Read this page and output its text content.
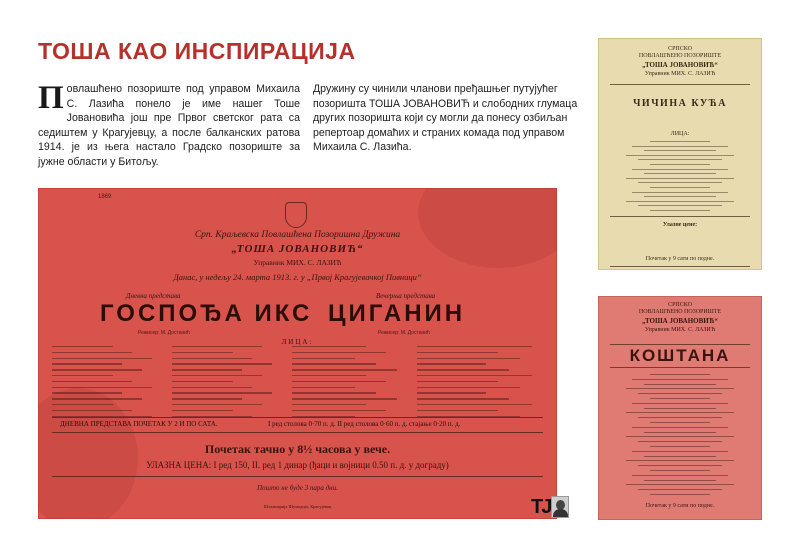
ТОША КАО ИНСПИРАЦИЈА
Повлашћено позориште под управом Михаила С. Лазића понело је име нашег Тоше Јовановића још пре Првог светског рата са седиштем у Крагујевцу, а после балканских ратова 1914. је из њега настало Градско позориште за јужне области у Битољу.
Дружину су чинили чланови пређашњег путујућег позоришта ТОША ЈОВАНОВИЋ и слободних глумаца других позоришта који су могли да понесу озбиљан репертоар домаћих и страних комада под управом Михаила С. Лазића.
1869
Срп. Краљевска Повлашћена Позоришна Дружина
„ТОША ЈОВАНОВИЋ“
Управник МИХ. С. ЛАЗИЋ
Данас, у недељу 24. марта 1913. г. у „Првој Крагујевачкој Пивници“
Дневна представа	Вечерња представа
ГОСПОЂА ИКС ЦИГАНИН
Режисер: М. Достанић	Режисер: М. Достанић
ЛИЦА:
ДНЕВНА ПРЕДСТАВА ПОЧЕТАК У 2 И ПО САТА.	I ред столова 0·70 п. д. II ред столова 0·60 п. д. стајање 0·20 п. д.
Почетак тачно у 8½ часова у вече.
УЛАЗНА ЦЕНА: I ред 150, II. ред 1 динар (ђаци и војници 0.50 п. д. у дограду)
Пошто не буде 3 пара дни.
Штампарија Шумадија, Крагујевац
СРПСКО
ПОВЛАШЋЕНО ПОЗОРИШТЕ
„ТОША ЈОВАНОВИЋ“
Управник МИХ. С. ЛАЗИЋ
ЧИЧИНА КУЋА
ЛИЦА:
Улазне цене:
Почетак у 9 сати по подне.
СРПСКО
ПОВЛАШЋЕНО ПОЗОРИШТЕ
„ТОША ЈОВАНОВИЋ“
Управник МИХ. С. ЛАЗИЋ
КОШТАНА
Почетак у 9 сати по подне.
TJ
